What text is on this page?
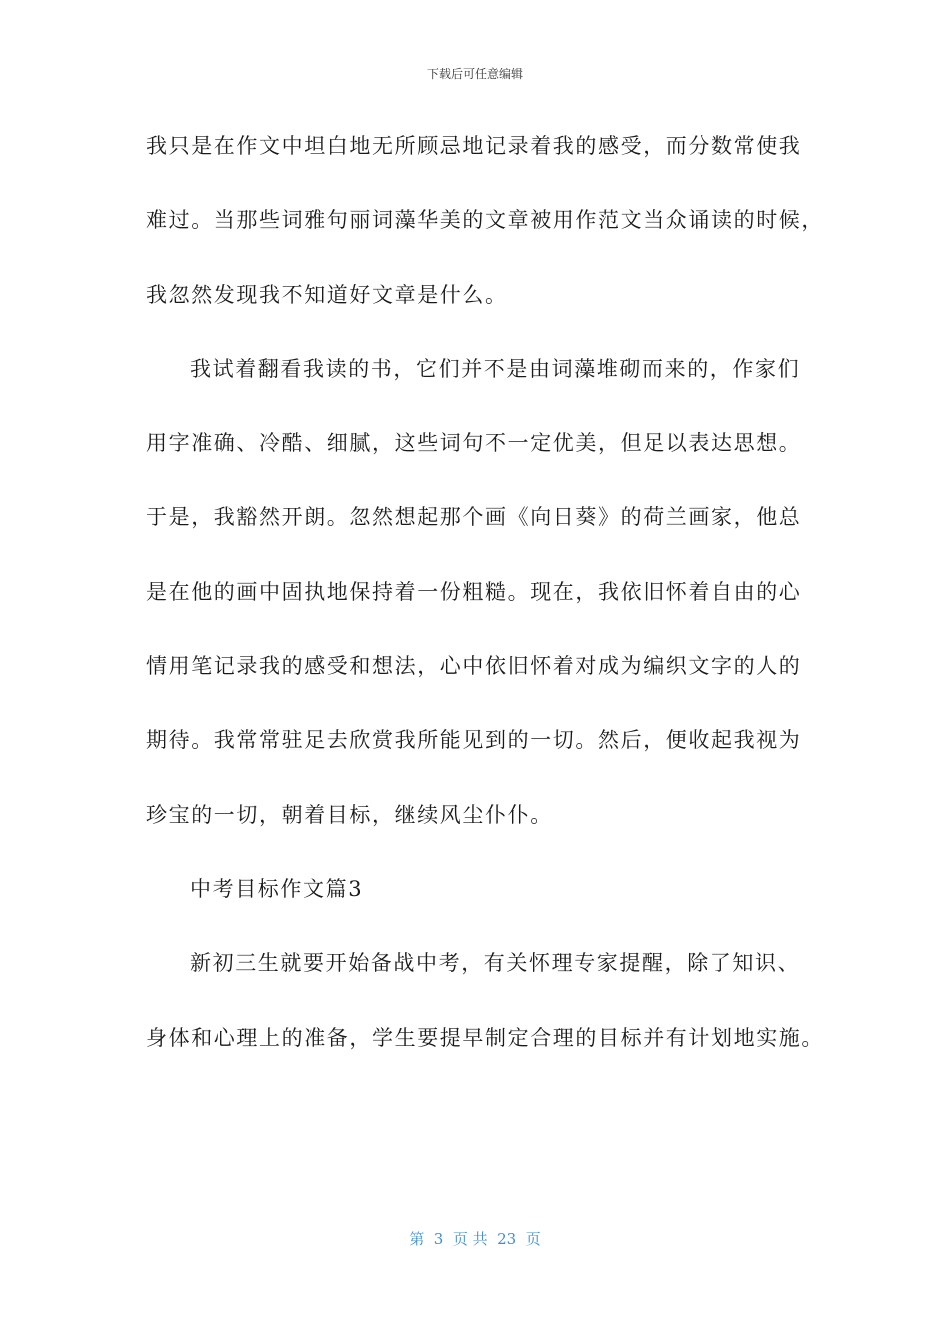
下载后可任意编辑
我只是在作文中坦白地无所顾忌地记录着我的感受，而分数常使我
难过。当那些词雅句丽词藻华美的文章被用作范文当众诵读的时候，
我忽然发现我不知道好文章是什么。
我试着翻看我读的书，它们并不是由词藻堆砌而来的，作家们
用字准确、冷酷、细腻，这些词句不一定优美，但足以表达思想。
于是，我豁然开朗。忽然想起那个画《向日葵》的荷兰画家，他总
是在他的画中固执地保持着一份粗糙。现在，我依旧怀着自由的心
情用笔记录我的感受和想法，心中依旧怀着对成为编织文字的人的
期待。我常常驻足去欣赏我所能见到的一切。然后，便收起我视为
珍宝的一切，朝着目标，继续风尘仆仆。
中考目标作文篇3
新初三生就要开始备战中考，有关怀理专家提醒，除了知识、
身体和心理上的准备，学生要提早制定合理的目标并有计划地实施。
第  3  页 共  23  页
